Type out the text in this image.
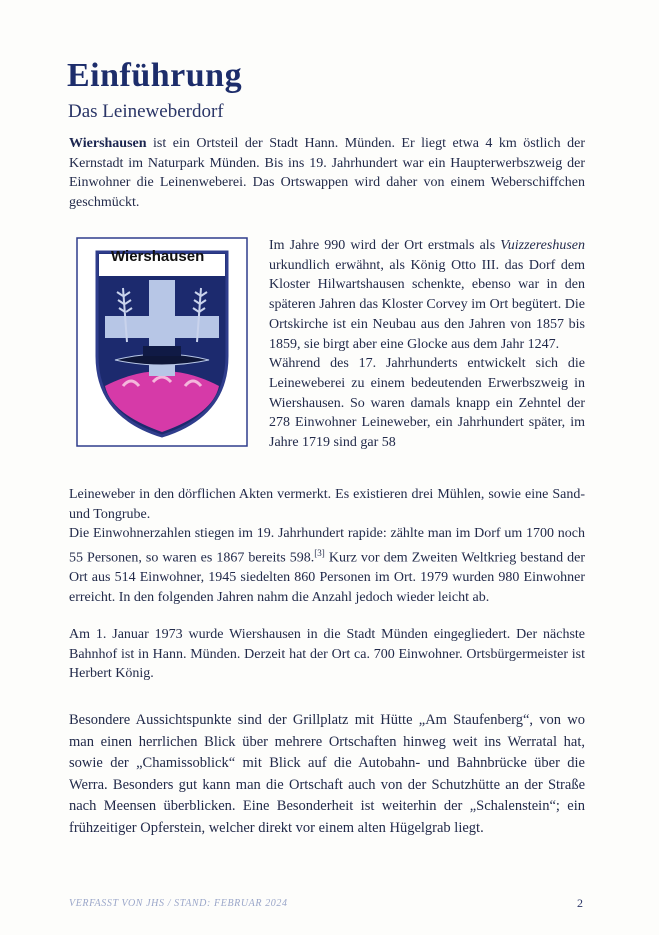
Einführung
Das Leineweberdorf
Wiershausen ist ein Ortsteil der Stadt Hann. Münden. Er liegt etwa 4 km östlich der Kernstadt im Naturpark Münden. Bis ins 19. Jahrhundert war ein Haupterwerbszweig der Einwohner die Leinenweberei. Das Ortswappen wird daher von einem Weberschiffchen geschmückt.
Wiershausen
Im Jahre 990 wird der Ort erstmals als Vuizzereshusen urkundlich erwähnt, als König Otto III. das Dorf dem Kloster Hilwartshausen schenkte, ebenso war in den späteren Jahren das Kloster Corvey im Ort begütert. Die Ortskirche ist ein Neubau aus den Jahren von 1857 bis 1859, sie birgt aber eine Glocke aus dem Jahr 1247.
Während des 17. Jahrhunderts entwickelt sich die Leineweberei zu einem bedeutenden Erwerbszweig in Wiershausen. So waren damals knapp ein Zehntel der 278 Einwohner Leineweber, ein Jahrhundert später, im Jahre 1719 sind gar 58
Leineweber in den dörflichen Akten vermerkt. Es existieren drei Mühlen, sowie eine Sand- und Tongrube.
Die Einwohnerzahlen stiegen im 19. Jahrhundert rapide: zählte man im Dorf um 1700 noch 55 Personen, so waren es 1867 bereits 598.[3] Kurz vor dem Zweiten Weltkrieg bestand der Ort aus 514 Einwohner, 1945 siedelten 860 Personen im Ort. 1979 wurden 980 Einwohner erreicht. In den folgenden Jahren nahm die Anzahl jedoch wieder leicht ab.
Am 1. Januar 1973 wurde Wiershausen in die Stadt Münden eingegliedert. Der nächste Bahnhof ist in Hann. Münden. Derzeit hat der Ort ca. 700 Einwohner. Ortsbürgermeister ist Herbert König.
Besondere Aussichtspunkte sind der Grillplatz mit Hütte „Am Staufenberg“, von wo man einen herrlichen Blick über mehrere Ortschaften hinweg weit ins Werratal hat, sowie der „Chamissoblick“ mit Blick auf die Autobahn- und Bahnbrücke über die Werra. Besonders gut kann man die Ortschaft auch von der Schutzhütte an der Straße nach Meensen überblicken. Eine Besonderheit ist weiterhin der „Schalenstein“; ein frühzeitiger Opferstein, welcher direkt vor einem alten Hügelgrab liegt.
VERFASST VON JHS / STAND: FEBRUAR 2024	2
